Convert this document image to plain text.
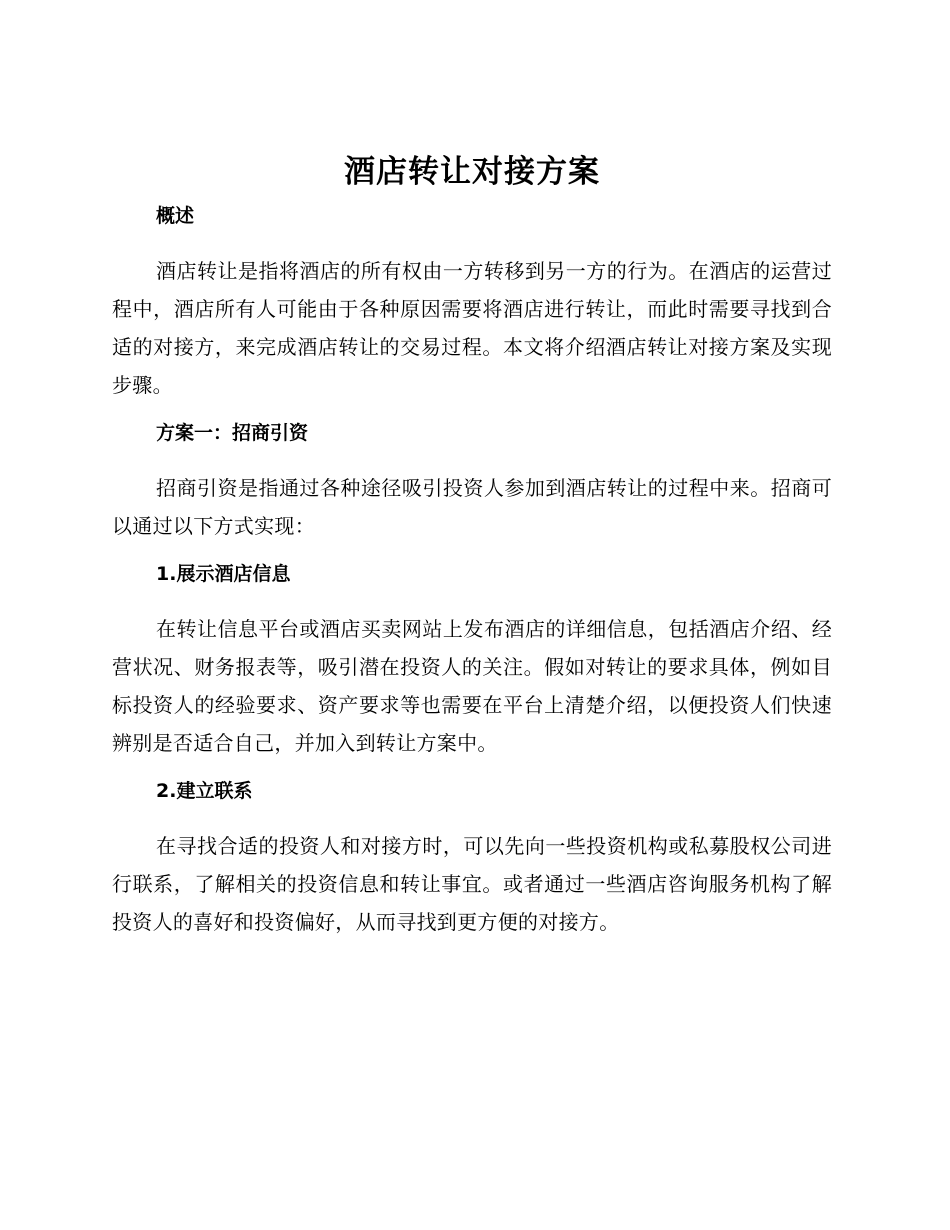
酒店转让对接方案
概述

酒店转让是指将酒店的所有权由一方转移到另一方的行为。在酒店的运营过程中，酒店所有人可能由于各种原因需要将酒店进行转让，而此时需要寻找到合适的对接方，来完成酒店转让的交易过程。本文将介绍酒店转让对接方案及实现步骤。

方案一：招商引资

招商引资是指通过各种途径吸引投资人参加到酒店转让的过程中来。招商可以通过以下方式实现：

1.展示酒店信息

在转让信息平台或酒店买卖网站上发布酒店的详细信息，包括酒店介绍、经营状况、财务报表等，吸引潜在投资人的关注。假如对转让的要求具体，例如目标投资人的经验要求、资产要求等也需要在平台上清楚介绍，以便投资人们快速辨别是否适合自己，并加入到转让方案中。

2.建立联系

在寻找合适的投资人和对接方时，可以先向一些投资机构或私募股权公司进行联系，了解相关的投资信息和转让事宜。或者通过一些酒店咨询服务机构了解投资人的喜好和投资偏好，从而寻找到更方便的对接方。
